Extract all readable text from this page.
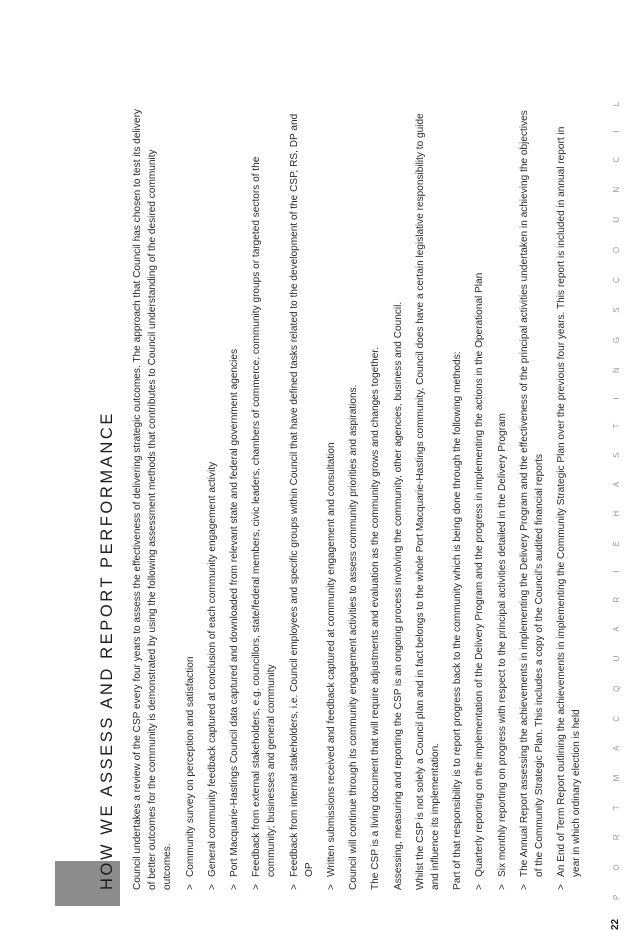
HOW WE ASSESS AND REPORT PERFORMANCE Council undertakes a review of the CSP every four years to assess the effectiveness of delivering strategic outcomes. The approach that Council has chosen to test its delivery of better outcomes for the community is demonstrated by using the following assessment methods that contributes to Council understanding of the desired community outcomes. >
Community survey on perception and satisfaction
>
General community feedback captured at conclusion of each community engagement activity
>
Port Macquarie-Hastings Council data captured and downloaded from relevant state and federal government agencies
>
Feedback from external stakeholders, e.g. councillors, state/federal members, civic leaders, chambers of commerce, community groups or targeted sectors of the community; businesses and general community
>
Feedback from internal stakeholders, i.e. Council employees and specific groups within Council that have defined tasks related to the development of the CSP, RS, DP and OP
>
Written submissions received and feedback captured at community engagement and consultation Council will continue through its community engagement activities to assess community priorities and aspirations. The CSP is a living document that will require adjustments and evaluation as the community grows and changes together. Assessing, measuring and reporting the CSP is an ongoing process involving the community, other agencies, business and Council. Whilst the CSP is not solely a Council plan and in fact belongs to the whole Port Macquarie-Hastings community, Council does have a certain legislative responsibility to guide and influence its implementation. Part of that responsibility is to report progress back to the community which is being done through the following methods: >
Quarterly reporting on the implementation of the Delivery Program and the progress in implementing the actions in the Operational Plan
>
Six monthly reporting on progress with respect to the principal activities detailed in the Delivery Program
>
The Annual Report assessing the achievements in implementing the Delivery Program and the effectiveness of the principal activities undertaken in achieving the objectives of the Community Strategic Plan. This includes a copy of the Council's audited financial reports
>
An End of Term Report outlining the achievements in implementing the Community Strategic Plan over the previous four years. This report is included in annual report in year in which ordinary election is held	P O R T M A C Q U A R I E H A S T I N G S C O U N C I L
22
